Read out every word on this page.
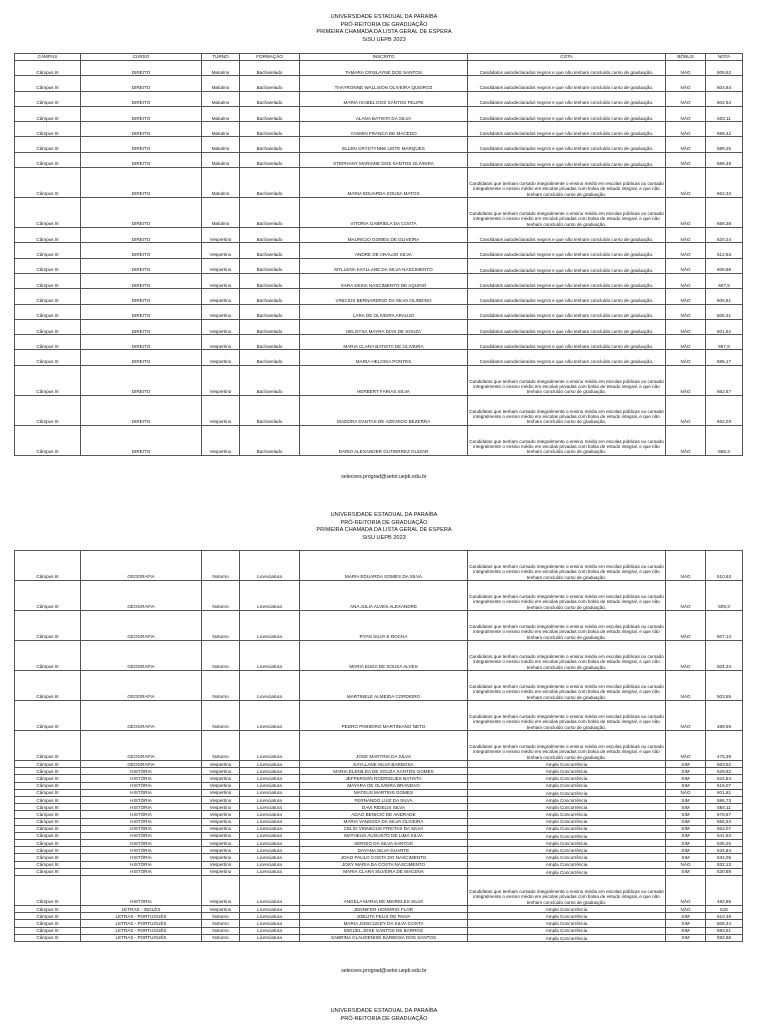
UNIVERSIDADE ESTADUAL DA PARAÍBA
PRÓ-REITORIA DE GRADUAÇÃO
PRIMEIRA CHAMADA DA LISTA GERAL DE ESPERA
SiSU UEPB 2023
CÂMPUS	CURSO	TURNO	FORMAÇÃO	INSCRITO	COTA	BÔNUS	NOTA
Câmpus III	DIREITO	Matutino	Bacharelado	TAMARA CRISLAYNE DOS SANTOS	Candidatos autodeclarados negros e que não tenham concluído curso de graduação.	NÃO	609,62
Câmpus III	DIREITO	Matutino	Bacharelado	THAYRONNE WALLISON OLIVEIRA QUEIROZ	Candidatos autodeclarados negros e que não tenham concluído curso de graduação.	NÃO	604,84
Câmpus III	DIREITO	Matutino	Bacharelado	MARIA ISABEL DOS SANTOS FELIPE	Candidatos autodeclarados negros e que não tenham concluído curso de graduação.	NÃO	604,64
Câmpus III	DIREITO	Matutino	Bacharelado	ALANA BATISTA DA SILVA	Candidatos autodeclarados negros e que não tenham concluído curso de graduação.	NÃO	603,11
Câmpus III	DIREITO	Matutino	Bacharelado	YASMIN FRANCA DE MACEDO	Candidatos autodeclarados negros e que não tenham concluído curso de graduação.	NÃO	599,42
Câmpus III	DIREITO	Matutino	Bacharelado	ELLEN CRYSTYNNE LEITE MARQUES	Candidatos autodeclarados negros e que não tenham concluído curso de graduação.	NÃO	599,25
Câmpus III	DIREITO	Matutino	Bacharelado	STEPHANY MARIANE DOS SANTOS OLIVEIRA	Candidatos autodeclarados negros e que não tenham concluído curso de graduação.	NÃO	589,49
Câmpus III	DIREITO	Matutino	Bacharelado	MARIA EDUARDA SOUSA MATOS	Candidatos que tenham cursado integralmente o ensino médio em escolas públicas ou cursado integralmente o ensino médio em escolas privadas com bolsa de estudo integral, e que não tenham concluído curso de graduação.	NÃO	662,34
Câmpus III	DIREITO	Matutino	Bacharelado	VITORIA GABRIELA DA COSTA	Candidatos que tenham cursado integralmente o ensino médio em escolas públicas ou cursado integralmente o ensino médio em escolas privadas com bolsa de estudo integral, e que não tenham concluído curso de graduação.	NÃO	656,38
Câmpus III	DIREITO	Vespertino	Bacharelado	MAURICIO GOMES DE OLIVEIRA	Candidatos autodeclarados negros e que não tenham concluído curso de graduação.	NÃO	620,24
Câmpus III	DIREITO	Vespertino	Bacharelado	ANDRE DE ARAUJO SILVA	Candidatos autodeclarados negros e que não tenham concluído curso de graduação.	NÃO	612,63
Câmpus III	DIREITO	Vespertino	Bacharelado	MYLLENA KAYLLANE DA SILVA NASCIMENTO	Candidatos autodeclarados negros e que não tenham concluído curso de graduação.	NÃO	608,86
Câmpus III	DIREITO	Vespertino	Bacharelado	SARA KESIA NASCIMENTO DE AQUINO	Candidatos autodeclarados negros e que não tenham concluído curso de graduação.	NÃO	607,5
Câmpus III	DIREITO	Vespertino	Bacharelado	VINICIUS BERNARDINO DA SILVA OLINDINO	Candidatos autodeclarados negros e que não tenham concluído curso de graduação.	NÃO	606,51
Câmpus III	DIREITO	Vespertino	Bacharelado	LARA DE OLIVEIRA ARAUJO	Candidatos autodeclarados negros e que não tenham concluído curso de graduação.	NÃO	605,31
Câmpus III	DIREITO	Vespertino	Bacharelado	HELOYSA MAYRA DIAS DE SOUZA	Candidatos autodeclarados negros e que não tenham concluído curso de graduação.	NÃO	601,52
Câmpus III	DIREITO	Vespertino	Bacharelado	MARIA CLARA BATISTA DE OLIVEIRA	Candidatos autodeclarados negros e que não tenham concluído curso de graduação.	NÃO	597,8
Câmpus III	DIREITO	Vespertino	Bacharelado	MARIA HELOISA PONTES	Candidatos autodeclarados negros e que não tenham concluído curso de graduação.	NÃO	585,17
Câmpus III	DIREITO	Vespertino	Bacharelado	HERBERT FARIAS SILVA	Candidatos que tenham cursado integralmente o ensino médio em escolas públicas ou cursado integralmente o ensino médio em escolas privadas com bolsa de estudo integral, e que não tenham concluído curso de graduação.	NÃO	662,67
Câmpus III	DIREITO	Vespertino	Bacharelado	ISADORA DANTAS DE AZEVEDO BEZERRA	Candidatos que tenham cursado integralmente o ensino médio em escolas públicas ou cursado integralmente o ensino médio em escolas privadas com bolsa de estudo integral, e que não tenham concluído curso de graduação.	NÃO	662,03
Câmpus III	DIREITO	Vespertino	Bacharelado	DARIO ALEXANDER GUTIERREZ GUIZAR	Candidatos que tenham cursado integralmente o ensino médio em escolas públicas ou cursado integralmente o ensino médio em escolas privadas com bolsa de estudo integral, e que não tenham concluído curso de graduação.	NÃO	659,3
selecoes.prograd@setor.uepb.edu.br
UNIVERSIDADE ESTADUAL DA PARAÍBA
PRÓ-REITORIA DE GRADUAÇÃO
PRIMEIRA CHAMADA DA LISTA GERAL DE ESPERA
SiSU UEPB 2023
Câmpus III	GEOGRAFIA	Noturno	Licenciatura	MARIA EDUARDA GOMES DA SILVA	Candidatos que tenham cursado integralmente o ensino médio em escolas públicas ou cursado integralmente o ensino médio em escolas privadas com bolsa de estudo integral, e que não tenham concluído curso de graduação.	NÃO	510,63
Câmpus III	GEOGRAFIA	Noturno	Licenciatura	ANA JULIA ALVES ALEXANDRE	Candidatos que tenham cursado integralmente o ensino médio em escolas públicas ou cursado integralmente o ensino médio em escolas privadas com bolsa de estudo integral, e que não tenham concluído curso de graduação.	NÃO	509,3
Câmpus III	GEOGRAFIA	Noturno	Licenciatura	RYAN SILVA E ROCHA	Candidatos que tenham cursado integralmente o ensino médio em escolas públicas ou cursado integralmente o ensino médio em escolas privadas com bolsa de estudo integral, e que não tenham concluído curso de graduação.	NÃO	507,14
Câmpus III	GEOGRAFIA	Noturno	Licenciatura	MARIA EUDA DE SOUSA ALVES	Candidatos que tenham cursado integralmente o ensino médio em escolas públicas ou cursado integralmente o ensino médio em escolas privadas com bolsa de estudo integral, e que não tenham concluído curso de graduação.	NÃO	504,34
Câmpus III	GEOGRAFIA	Noturno	Licenciatura	MARTINELE ALMEIDA CORDEIRO	Candidatos que tenham cursado integralmente o ensino médio em escolas públicas ou cursado integralmente o ensino médio em escolas privadas com bolsa de estudo integral, e que não tenham concluído curso de graduação.	NÃO	503,55
Câmpus III	GEOGRAFIA	Noturno	Licenciatura	PEDRO PINHEIRO MARTINIANO NETO	Candidatos que tenham cursado integralmente o ensino médio em escolas públicas ou cursado integralmente o ensino médio em escolas privadas com bolsa de estudo integral, e que não tenham concluído curso de graduação.	NÃO	489,69
Câmpus III	GEOGRAFIA	Noturno	Licenciatura	JOSE MARTINS DA SILVA	Candidatos que tenham cursado integralmente o ensino médio em escolas públicas ou cursado integralmente o ensino médio em escolas privadas com bolsa de estudo integral, e que não tenham concluído curso de graduação.	NÃO	475,39
Câmpus III	GEOGRAFIA	Vespertino	Licenciatura	KAYLLANE SILVA BARBOSA	Ampla Concorrência	SIM	563,52
Câmpus III	HISTÓRIA	Vespertino	Licenciatura	MARIA ELENILDA DE SOUZA SANTOS GOMES	Ampla Concorrência	SIM	629,82
Câmpus III	HISTÓRIA	Vespertino	Licenciatura	JEFFERSON RODRIGUES BATISTA	Ampla Concorrência	SIM	624,84
Câmpus III	HISTÓRIA	Vespertino	Licenciatura	MAYARA DE OLIVEIRA BRANDAO	Ampla Concorrência	SIM	616,07
Câmpus III	HISTÓRIA	Vespertino	Licenciatura	MATEUS MARTINS GOMES	Ampla Concorrência	NÃO	601,81
Câmpus III	HISTÓRIA	Vespertino	Licenciatura	FERNANDO LUIZ DA SILVA	Ampla Concorrência	SIM	595,73
Câmpus III	HISTÓRIA	Vespertino	Licenciatura	DAVI RIDELIS SILVA	Ampla Concorrência	SIM	584,11
Câmpus III	HISTÓRIA	Vespertino	Licenciatura	ADAO BENICIO DE ANDRADE	Ampla Concorrência	SIM	578,67
Câmpus III	HISTÓRIA	Vespertino	Licenciatura	MARIA VANESSA DA SILVA OLIVEIRA	Ampla Concorrência	SIM	556,63
Câmpus III	HISTÓRIA	Vespertino	Licenciatura	CELIO VINNICIUS FREITAS DA SILVA	Ampla Concorrência	SIM	553,07
Câmpus III	HISTÓRIA	Vespertino	Licenciatura	MATHEUS AUGUSTO DE LIMA SILVA	Ampla Concorrência	SIM	541,63
Câmpus III	HISTÓRIA	Vespertino	Licenciatura	SERGIO DA SILVA SANTOS	Ampla Concorrência	SIM	535,25
Câmpus III	HISTÓRIA	Vespertino	Licenciatura	DAYANA SILVA DUARTE	Ampla Concorrência	SIM	534,84
Câmpus III	HISTÓRIA	Vespertino	Licenciatura	JOAO PAULO COSTA DO NASCIMENTO	Ampla Concorrência	SIM	534,06
Câmpus III	HISTÓRIA	Vespertino	Licenciatura	JOSY MARIA DA COSTA NASCIMENTO	Ampla Concorrência	NÃO	532,13
Câmpus III	HISTÓRIA	Vespertino	Licenciatura	MARIA CLARA SILVEIRA DE MACENA	Ampla Concorrência	SIM	530,89
Câmpus III	HISTÓRIA	Vespertino	Licenciatura	ANGELA MARIA DE MEIRELES SILVA	Candidatos que tenham cursado integralmente o ensino médio em escolas públicas ou cursado integralmente o ensino médio em escolas privadas com bolsa de estudo integral, e que não tenham concluído curso de graduação.	NÃO	482,85
Câmpus III	LETRAS - INGLÊS	Vespertino	Licenciatura	JENNIFER HONORIO FLOR	Ampla Concorrência	NÃO	515
Câmpus III	LETRAS - PORTUGUÊS	Noturno	Licenciatura	JOELITA FELIX DE PAIVA	Ampla Concorrência	SIM	610,48
Câmpus III	LETRAS - PORTUGUÊS	Noturno	Licenciatura	MARIA JOSICLEIDY DA SILVA COSTA	Ampla Concorrência	SIM	608,44
Câmpus III	LETRAS - PORTUGUÊS	Noturno	Licenciatura	MIGUEL JOSE SANTOS DE BARROS	Ampla Concorrência	SIM	593,51
Câmpus III	LETRAS - PORTUGUÊS	Noturno	Licenciatura	SABRINA CLAUDENISE BARBOSA DOS SANTOS	Ampla Concorrência	SIM	592,68
selecoes.prograd@setor.uepb.edu.br
UNIVERSIDADE ESTADUAL DA PARAÍBA
PRÓ-REITORIA DE GRADUAÇÃO
